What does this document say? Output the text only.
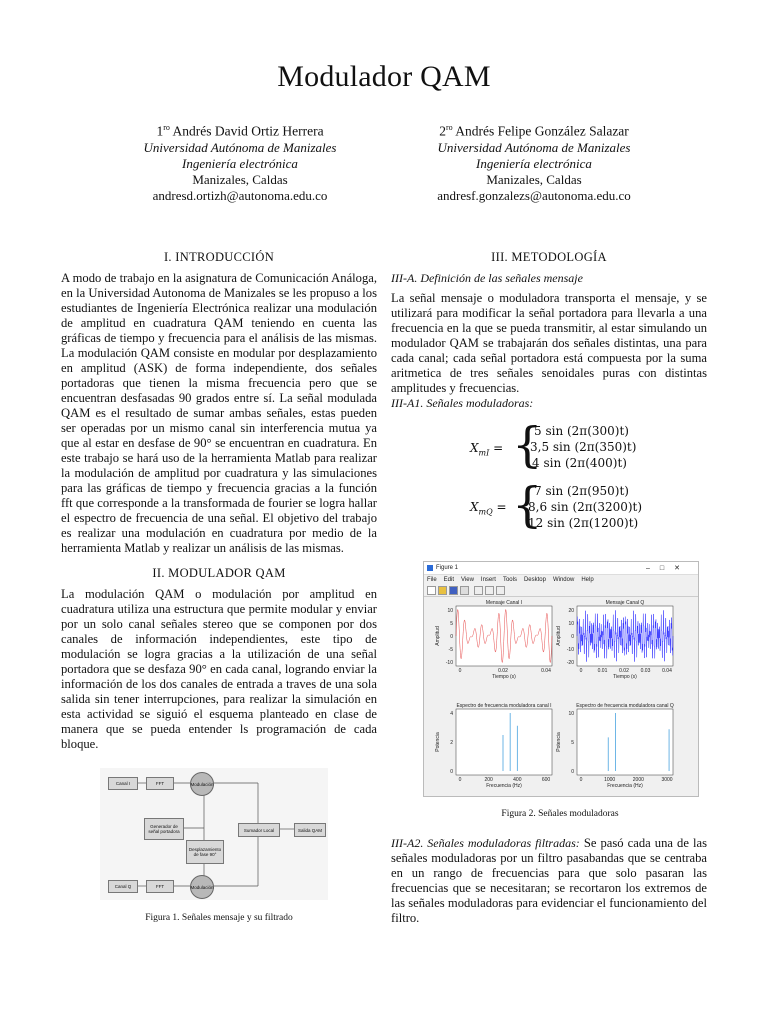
Modulador QAM
$1^{ro}$ Andrés David Ortiz Herrera
Universidad Autónoma de Manizales
Ingeniería electrónica
Manizales, Caldas
andresd.ortizh@autonoma.edu.co
$2^{ro}$ Andrés Felipe González Salazar
Universidad Autónoma de Manizales
Ingeniería electrónica
Manizales, Caldas
andresf.gonzalezs@autonoma.edu.co

I. INTRODUCCIÓN

A modo de trabajo en la asignatura de Comunicación Análoga, en la Universidad Autonoma de Manizales se les propuso a los estudiantes de Ingeniería Electrónica realizar una modulación de amplitud en cuadratura QAM teniendo en cuenta las gráficas de tiempo y frecuencia para el análisis de las mismas. La modulación QAM consiste en modular por desplazamiento en amplitud (ASK) de forma independiente, dos señales portadoras que tienen la misma frecuencia pero que se encuentran desfasadas 90 grados entre sí. La señal modulada QAM es el resultado de sumar ambas señales, estas pueden ser operadas por un mismo canal sin interferencia mutua ya que al estar en desfase de 90° se encuentran en cuadratura. En este trabajo se hará uso de la herramienta Matlab para realizar la modulación de amplitud por cuadratura y las simulaciones para las gráficas de tiempo y frecuencia gracias a la función fft que corresponde a la transformada de fourier se logra hallar el espectro de frecuencia de una señal. El objetivo del trabajo es realizar una modulación en cuadratura por medio de la herramienta Matlab y realizar un análisis de las mismas.

II. MODULADOR QAM

La modulación QAM o modulación por amplitud en cuadratura utiliza una estructura que permite modular y enviar por un solo canal señales stereo que se componen por dos canales de información independientes, este tipo de modulación se logra gracias a la utilización de una señal portadora que se desfaza 90° en cada canal, logrando enviar la información de los dos canales de entrada a traves de una sola salida sin tener interrupciones, para realizar la simulación en esta actividad se siguió el esquema planteado en clase de manera que se pueda entender ls programación de cada bloque.
Canal I	FFT	Modulación
Generador de señal portadora	Sumador Local	Salida QAM
Desplazamiento de fase 90°
Canal Q	FFT	Modulación
Figura 1. Señales mensaje y su filtrado

III. METODOLOGÍA

III-A. Definición de las señales mensaje
La señal mensaje o moduladora transporta el mensaje, y se utilizará para modificar la señal portadora para llevarla a una frecuencia en la que se pueda transmitir, al estar simulando un modulador QAM se trabajarán dos señales distintas, una para cada canal; cada señal portadora está compuesta por la suma aritmetica de tres señales senoidales puras con distintas amplitudes y frecuencias.
III-A1. Señales moduladoras:
$X_{mI}$ = {
5 sin (2π(300)t)
3,5 sin (2π(350)t)
4 sin (2π(400)t)
$X_{mQ}$ = {
7 sin (2π(950)t)
8,6 sin (2π(3200)t)
12 sin (2π(1200)t)
Figure 1	–□✕
File Edit View Insert Tools Desktop Window Help
Mensaje Canal I
10
5
0
-5
-10
0	0.02	0.04
Tiempo (s)
Amplitud
Mensaje Canal Q
20
10
0
-10
-20
0	0.01 0.02 0.03 0.04
Tiempo (s)
Amplitud
Espectro de frecuencia moduladora canal I
4
2
0
0	200	400	600
Frecuencia (Hz)
Potencia
Espectro de frecuencia moduladora canal Q
10
5
0
0	1000	2000	3000
Frecuencia (Hz)
Potencia
Figura 2. Señales moduladoras
III-A2. Señales moduladoras filtradas: Se pasó cada una de las señales moduladoras por un filtro pasabandas que se centraba en un rango de frecuencias para que solo pasaran las frecuencias que se necesitaran; se recortaron los extremos de las señales moduladoras para evidenciar el funcionamiento del filtro.
